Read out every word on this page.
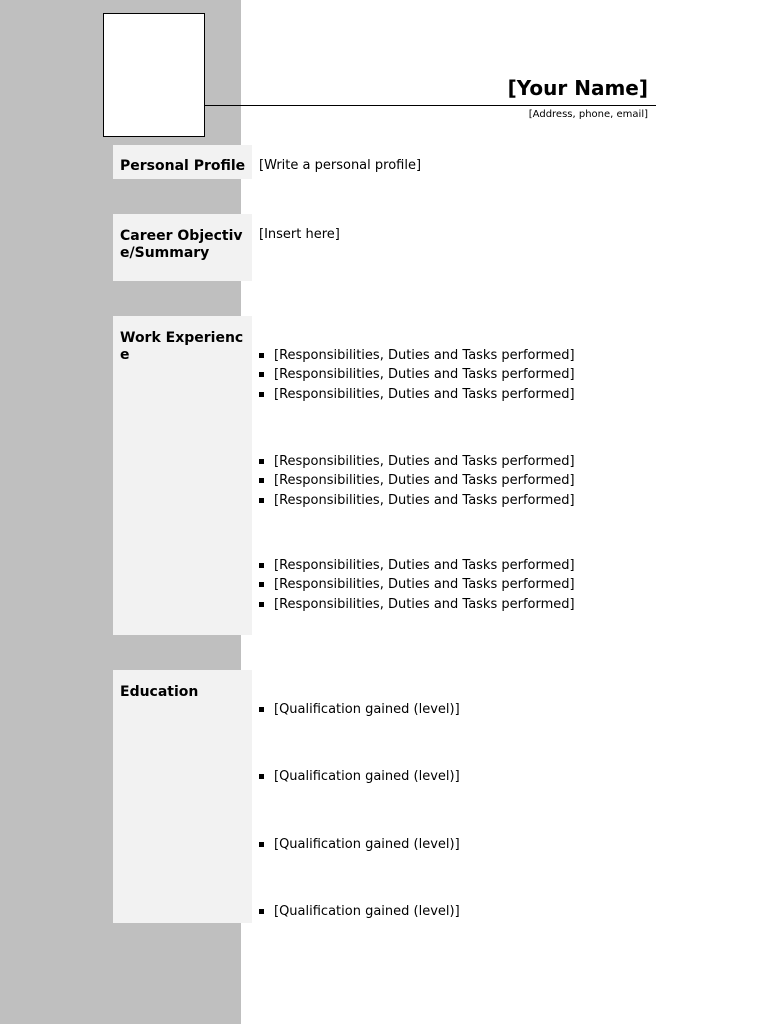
[Your Name]
[Address, phone, email]
Personal Profile [Write a personal profile]
Career Objective/Summary
[Insert here]
Work Experience	[Responsibilities, Duties and Tasks performed]
[Responsibilities, Duties and Tasks performed]
[Responsibilities, Duties and Tasks performed]
[Responsibilities, Duties and Tasks performed]
[Responsibilities, Duties and Tasks performed]
[Responsibilities, Duties and Tasks performed]
[Responsibilities, Duties and Tasks performed]
[Responsibilities, Duties and Tasks performed]
[Responsibilities, Duties and Tasks performed]
Education
[Qualification gained (level)]
[Qualification gained (level)]
[Qualification gained (level)]
[Qualification gained (level)]
